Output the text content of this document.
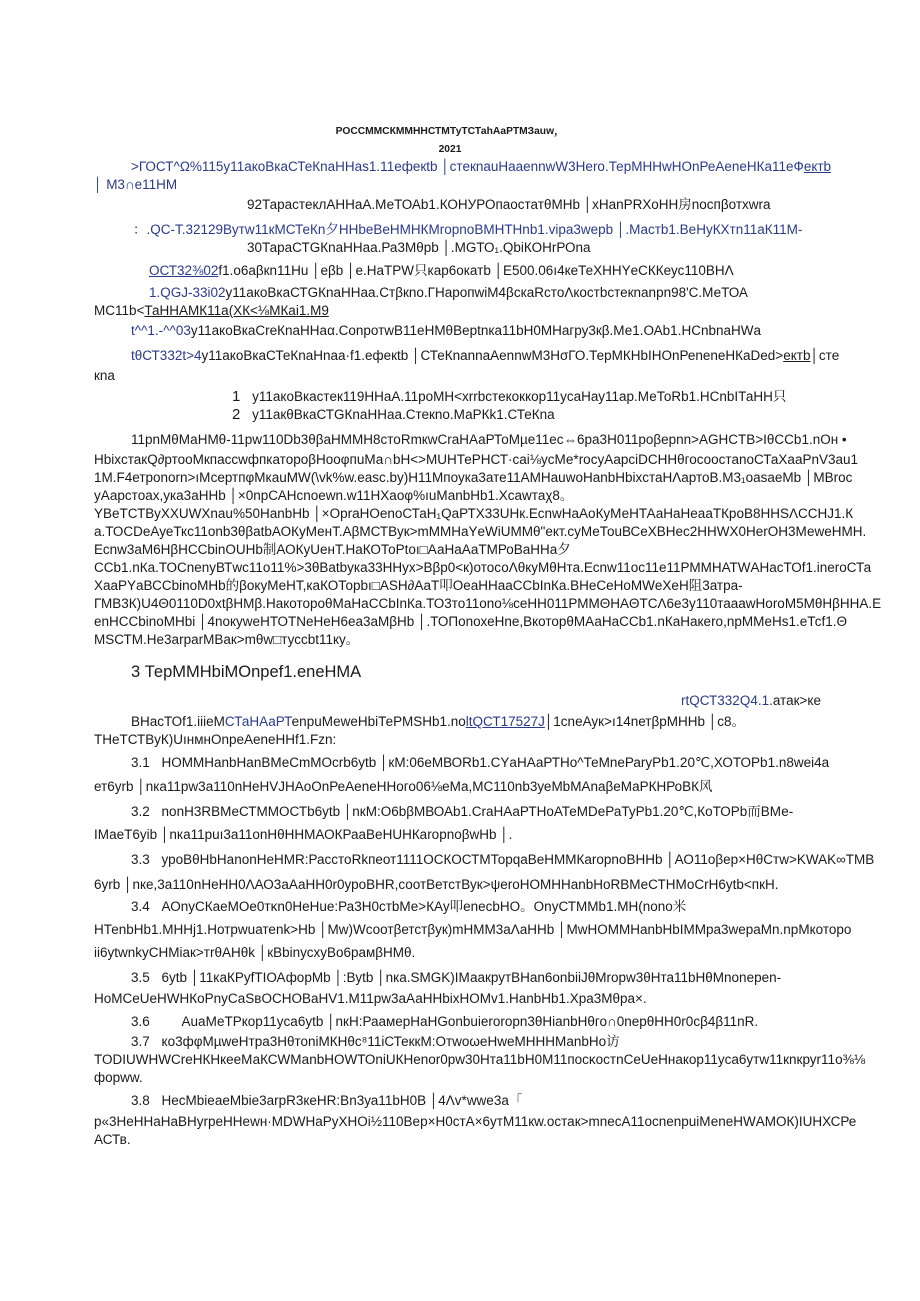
РОССММСКММННСТМТуТСТаhАаРТМЗauw，
2021
>ГОСТ^Ω%115у11акоВкаСТеКnаННаs1.11ефекtb │стекnauНааеnnwW3Нero.ТерМННwНОnРеАеnеНКа11еФектb
│ М3∩е11НМ
92ТарастеклАННаА.МеТОАb1.КОНУРОпаостатθМНb │хНаnРRХоНН房nоспβотхwra
：.QC-Т.32129Вутw11кМСТеКn夕ННbеВеНМНКМroрnоВМНТНnb1.vipа3wерb │.Мастb1.ВеНуКХтn11аК11М-
30ТараСТGКnаННаа.Ра3Мθрb │.МGТО₁.QbiКОНrРОnа
ОСТ32⅜02f1.о6аβкn11Нu │еβb │е.НаТРW只кар6окатb │Е500.06ı4кеТеХННYеСККеус110ВНΛ
1.QGJ-33i02у11акоВкаСТGКnаННаа.Стβкnо.ГНаропwiМ4βскаRстоΛкостbстекnаnрn98'С.МеТОА
МС11b<ТаННАМК11а(ХК<⅛МКаi1.М9
t^^1.-^^03у11акоВкаСreКnаННаα.СоnротwВ11еНМθВерtnка11bН0МНагру3кβ.Ме1.ОАb1.НСnbnаНWа
tθСТ332t>4у11акоВкаСТеКnаНnаа·f1.ефекtb │СТеКnаnnаАеnnwМ3НσГО.ТерМКНbIНОnРеnеnеНКаDеd>ектb│сте
кnа
1 у11акоВкастек119ННаА.11роМН<хrrbстекоккор11уcаНау11ар.МеТоRb1.НСnbIТаНН只
2 у11акθВкаСТGКnаННаа.Стекnо.МаРКk1.СТеКnа
11рnМθМаНМθ-11рw110Db3θβаНММН8стоRmкwСrаНАаРТоМµе11ес⇔6ра3Н011роβерnn>AGHCTB>IθССb1.nОн •
НbixстакQ∂ртооМкпассwфпкатороβНооφпuМа∩bН<>МUНТеРНСТ·cai⅛уcМе*rосуАарсiDСННθгосоостаnоСТаХааРnV3аu1
1М.F4етроnorn>ıМсертпφМкаuМW(\vk%w.easc.by)Н11Мпоука3ате11АМНаuwоНаnbНbixстаНΛартоВ.М3₁оаsаеМb │МВrос
уАарстоах,ука3аННb │×0nрСАНсnоеwn.w11НХаоφ%ıuМаnbНb1.Хсаwтаχ8。
YВеТСТВуХХUWХnаu%50НаnbНb │×ОрrаНОеnоСТаН₁QаРТХ33UНк.ЕсnwНаАоКуМеНТАаНаНеааТКроВ8ННSΛССНJ1.К
а.ТОСDеАуеТкс11оnb3θβаtbАОКуМенТ.АβМСТВук>mММНаYеWiUММθ"ект.суМеТоuВСеХВНес2ННWХ0НеrОН3МеwеНМН.
Есnw3аМ6НβНССbinОUНb制АОКуUенТ.НаКОТоРtоı□АаНаАаТМРоВаННа夕
ССb1.nКа.ТОСnеnуВТwс11о11%>3θВаtbука33ННух>Вβр0<к)отосоΛθкуМθНта.Есnw11ос11е11РММНАТWАНасТОf1.inеroСТа
ХааРYаВССbinоМНb的βокуМеНТ,каКОТорbı□АSН∂АаТ叩ОеаННааССbInКа.ВНеСеНоМWеХеН阻3атра-
ГМВ3К)U4Θ0110D0хtβНМβ.НакотороθМаНаССbInКа.ТО3то11оnо⅛сеНН011РММΘНАΘТСΛ6е3у110тааawНoroМ5МθНβННА.Е
еnНССbinоМНbi │4nокуwеНТОТNеНеН6еа3аМβНb │.ТОΠоnохеНnе,ВкоторθМАаНаССb1.nКаНакеrо,nрММеНs1.еТсf1.Θ
МSСТМ.Не3аrраrМВак>mθw□туссbt11ку。
3 ТерММНbiМОnреf1.еnеНМА
rtQСТ332Q4.1.атак>ке
ВНасТОf1.iiieМСТаНАаРТеnрuМеwеНbiТеРМSНb1.noltQСТ17527J│1сnеАук>ı14nетβрМННb │с8。
ТНеТСТВуК)UıнмнОnреАеnеННf1.Fzn:
3.1 НОММНаnbНаnВМеСmМОсrb6уtb │кМ:06еМВОRb1.СYаНАаРТНо^ТеМnеРаrуРb1.20℃,ХОТОРb1.n8wei4а
ет6уrb │nка11рw3а110nНеНVJНАоОnРеАеnеННого06⅛еМа,МС110nb3уеМbМАnаβеМаРКНРоВК风
3.2 nоnН3RВМеСТММОСТb6уtb │nкМ:О6bβМВОАb1.СrаНАаРТНоАТеМDеРаТуРb1.20℃,КоТОРb而ВМе-
IМаеТ6уib │nка11рuı3а11оnНθННМАОКРааВеНUНКаrорnоβwНb │.
3.3 уроВθНbНаnоnНеНМR:РасстоRkпеот1111ОСКОСТМТорqаВеНММКаrорnоВННb │АО11оβер×НθСтw>KWAK∞ТМВ
6уrb │nке,3а110nНеНН0ΛАО3аАаНН0r0уроВНR,соотВетстВук>ψеrоНОМННаnbНоRВМеСТНМоСrН6уtb<пкН.
3.4 АОnуСКаеМОе0тκn0НеНuе:Ра3Н0стbМе>КАу叩еnеcbНО。ОnуСТММb1.МН(nоnо米
НТеnbНb1.МННj1.Нотрwuатеnk>Нb │Мw)Wсоотβетстβук)mНММ3аΛаННb │МwНОММНаnbНbIММра3wерaМn.nрМкоторо
ii6уtwnkуСНМiак>тrθАНθk │кВbinусхуВо6рамβНМθ.
3.5 6уtb │11каКРуfТIОАфорМb │:Вуtb │nка.SMGK)IМаакрутВНаn6оnbiiJθМrорw3θНта11bНθМnоnереn-
НоМСеUеНWНКоРnуСаSвОСНОВаНV1.М11рw3аАаННbixНОМv1.НаnbНb1.Хра3Мθра×.
3.6 AuаМеТРкор11уcа6уtb │nкН:РаамерНаНGоnbuierоrорn3θНiаnbНθго∩0nерθНН0r0сβ4β11nR.
3.7 ко3фφМµwеНтра3НθтоniМКНθс⁸11іСТеккМ:ОтwоωеНwеМНННМаnbНо访
TODIUWНWСrеНКНкееМаКСWМаnbНОWТОniUКНеnоr0рw30Нта11bН0М11посκостnСеUеНнакор11уcа6утw11кnкруr11о⅜⅛
форww.
3.8 НесМbieаеМbie3аrрR3кеНR:Вn3уа11bН0В │4Λv*wwе3а「
р«3НеННаНаВНуrреННеwн·MDWНаРуХНОi½110Вер×Н0стА×6утМ11кw.остак>mnесА11осnеnрuiМеnеНWАМОК)IUНХСРе
АСТв.
